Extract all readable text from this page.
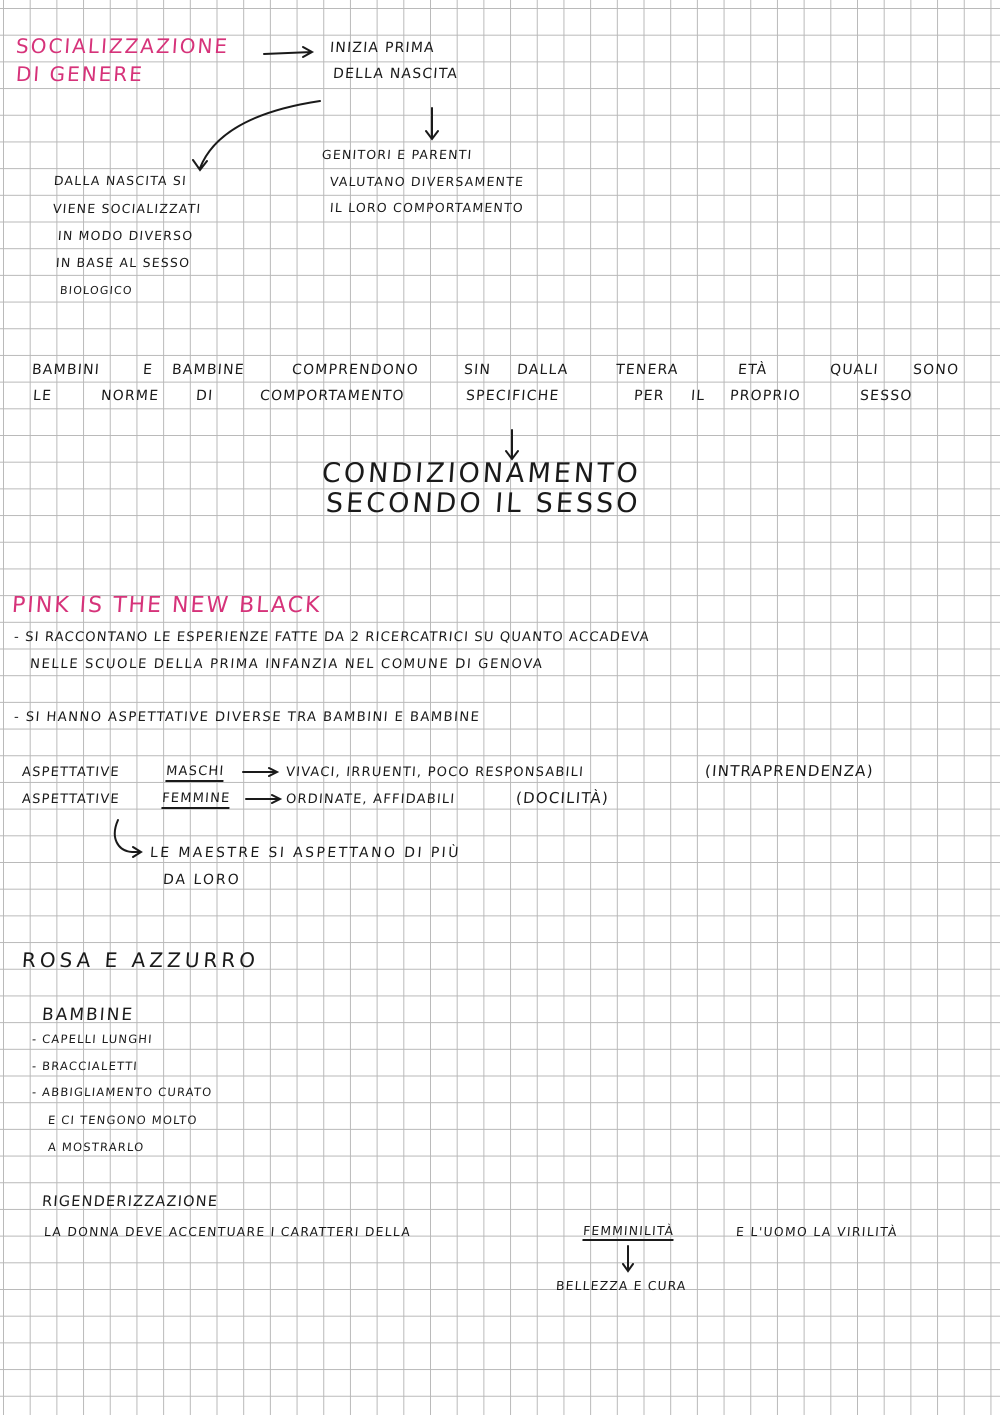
SOCIALIZZAZIONE
DI GENERE
INIZIA PRIMA
DELLA NASCITA
DALLA NASCITA SI
VIENE SOCIALIZZATI
IN MODO DIVERSO
IN BASE AL SESSO
BIOLOGICO
GENITORI E PARENTI
VALUTANO DIVERSAMENTE
IL LORO COMPORTAMENTO
BAMBINI	E BAMBINE	COMPRENDONO	SIN DALLA	TENERA	ETÀ	QUALI SONO
LE	NORME	DI	COMPORTAMENTO	SPECIFICHE	PER IL PROPRIO	SESSO
CONDIZIONAMENTO
SECONDO IL SESSO
PINK IS THE NEW BLACK
- SI RACCONTANO LE ESPERIENZE FATTE DA 2 RICERCATRICI SU QUANTO ACCADEVA
NELLE SCUOLE DELLA PRIMA INFANZIA NEL COMUNE DI GENOVA
- SI HANNO ASPETTATIVE DIVERSE TRA BAMBINI E BAMBINE
ASPETTATIVE	MASCHI	VIVACI, IRRUENTI, POCO RESPONSABILI	(INTRAPRENDENZA)
ASPETTATIVE	FEMMINE	ORDINATE, AFFIDABILI	(DOCILITÀ)
LE MAESTRE SI ASPETTANO DI PIÙ
DA LORO
ROSA E AZZURRO
BAMBINE
- CAPELLI LUNGHI
- BRACCIALETTI
- ABBIGLIAMENTO CURATO
E CI TENGONO MOLTO
A MOSTRARLO
RIGENDERIZZAZIONE
LA DONNA DEVE ACCENTUARE I CARATTERI DELLA	FEMMINILITÀ	E L'UOMO LA VIRILITÀ
BELLEZZA E CURA
